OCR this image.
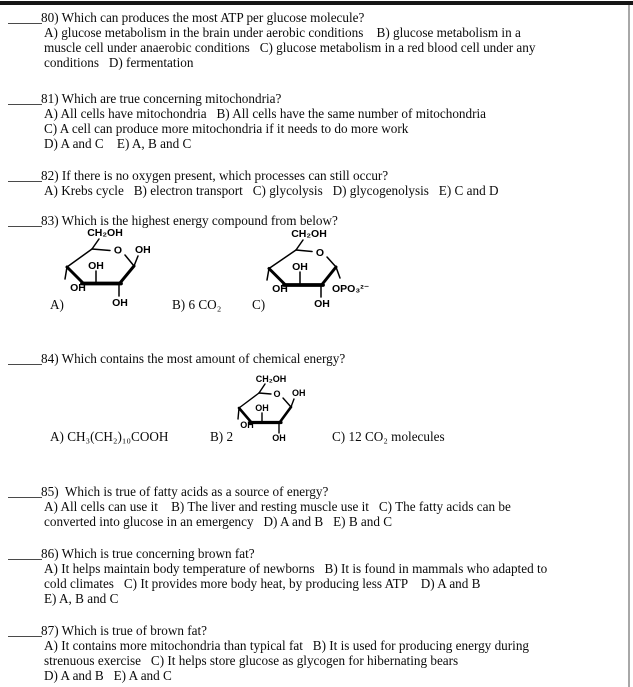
80) Which can produces the most ATP per glucose molecule?
A) glucose metabolism in the brain under aerobic conditions    B) glucose metabolism in a
muscle cell under anaerobic conditions   C) glucose metabolism in a red blood cell under any
conditions   D) fermentation
81) Which are true concerning mitochondria?
A) All cells have mitochondria   B) All cells have the same number of mitochondria
C) A cell can produce more mitochondria if it needs to do more work
D) A and C    E) A, B and C
82) If there is no oxygen present, which processes can still occur?
A) Krebs cycle   B) electron transport   C) glycolysis   D) glycogenolysis   E) C and D
83) Which is the highest energy compound from below?
CH₂OH
O OH
OH
OH
OH
CH₂OH
O
OPO₃²⁻
OH
OH
OH
A)	B) 6 CO₂ C)
84) Which contains the most amount of chemical energy?
CH₂OH
O OH
OH
OH
OH
A) CH₃(CH₂)₁₀COOH	B) 2	C) 12 CO₂ molecules
85)  Which is true of fatty acids as a source of energy?
A) All cells can use it    B) The liver and resting muscle use it   C) The fatty acids can be
converted into glucose in an emergency   D) A and B   E) B and C
86) Which is true concerning brown fat?
A) It helps maintain body temperature of newborns   B) It is found in mammals who adapted to
cold climates   C) It provides more body heat, by producing less ATP    D) A and B
E) A, B and C
87) Which is true of brown fat?
A) It contains more mitochondria than typical fat   B) It is used for producing energy during
strenuous exercise   C) It helps store glucose as glycogen for hibernating bears
D) A and B   E) A and C
